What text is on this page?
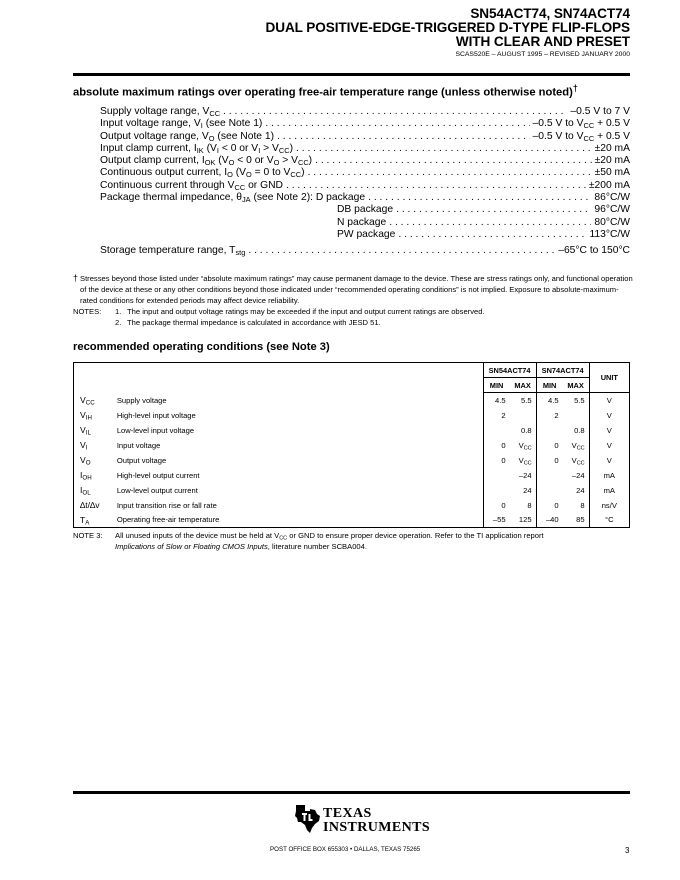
SN54ACT74, SN74ACT74
DUAL POSITIVE-EDGE-TRIGGERED D-TYPE FLIP-FLOPS
WITH CLEAR AND PRESET
SCAS520E – AUGUST 1995 – REVISED JANUARY 2000
absolute maximum ratings over operating free-air temperature range (unless otherwise noted)†
Supply voltage range, $V_{CC}$ . . .	–0.5 V to 7 V
Input voltage range, $V_I$ (see Note 1) . . .	–0.5 V to $V_{CC} + 0.5$ V
Output voltage range, $V_O$ (see Note 1) . . .	–0.5 V to $V_{CC} + 0.5$ V
Input clamp current, $I_{IK}$ ($V_I < 0$ or $V_I > V_{CC}$) . . .	±20 mA
Output clamp current, $I_{OK}$ ($V_O < 0$ or $V_O > V_{CC}$) . . .	±20 mA
Continuous output current, $I_O$ ($V_O = 0$ to $V_{CC}$) . . .	±50 mA
Continuous current through $V_{CC}$ or GND . . .	±200 mA
Package thermal impedance, $\theta_{JA}$ (see Note 2): D package . . .	86°C/W
DB package . . .	96°C/W
N package . . .	80°C/W
PW package . . .	113°C/W
Storage temperature range, $T_{stg}$ . . .	–65°C to 150°C
† Stresses beyond those listed under “absolute maximum ratings” may cause permanent damage to the device. These are stress ratings only, and functional operation of the device at these or any other conditions beyond those indicated under “recommended operating conditions” is not implied. Exposure to absolute-maximum-rated conditions for extended periods may affect device reliability.
NOTES:	1. The input and output voltage ratings may be exceeded if the input and output current ratings are observed.
2. The package thermal impedance is calculated in accordance with JESD 51.
recommended operating conditions (see Note 3)
		SN54ACT74		SN74ACT74		UNIT
		MIN	MAX	MIN	MAX	
$V_{CC}$	Supply voltage	4.5	5.5	4.5	5.5	V
$V_{IH}$	High-level input voltage	2		2		V
$V_{IL}$	Low-level input voltage		0.8		0.8	V
$V_I$	Input voltage	0	$V_{CC}$	0	$V_{CC}$	V
$V_O$	Output voltage	0	$V_{CC}$	0	$V_{CC}$	V
$I_{OH}$	High-level output current		–24		–24	mA
$I_{OL}$	Low-level output current		24		24	mA
∆t/∆v	Input transition rise or fall rate	0	8	0	8	ns/V
$T_A$	Operating free-air temperature	–55	125	–40	85	°C
NOTE 3:	All unused inputs of the device must be held at $V_{CC}$ or GND to ensure proper device operation. Refer to the TI application report
Implications of Slow or Floating CMOS Inputs, literature number SCBA004.
TEXAS
INSTRUMENTS
POST OFFICE BOX 655303 • DALLAS, TEXAS 75265	3
